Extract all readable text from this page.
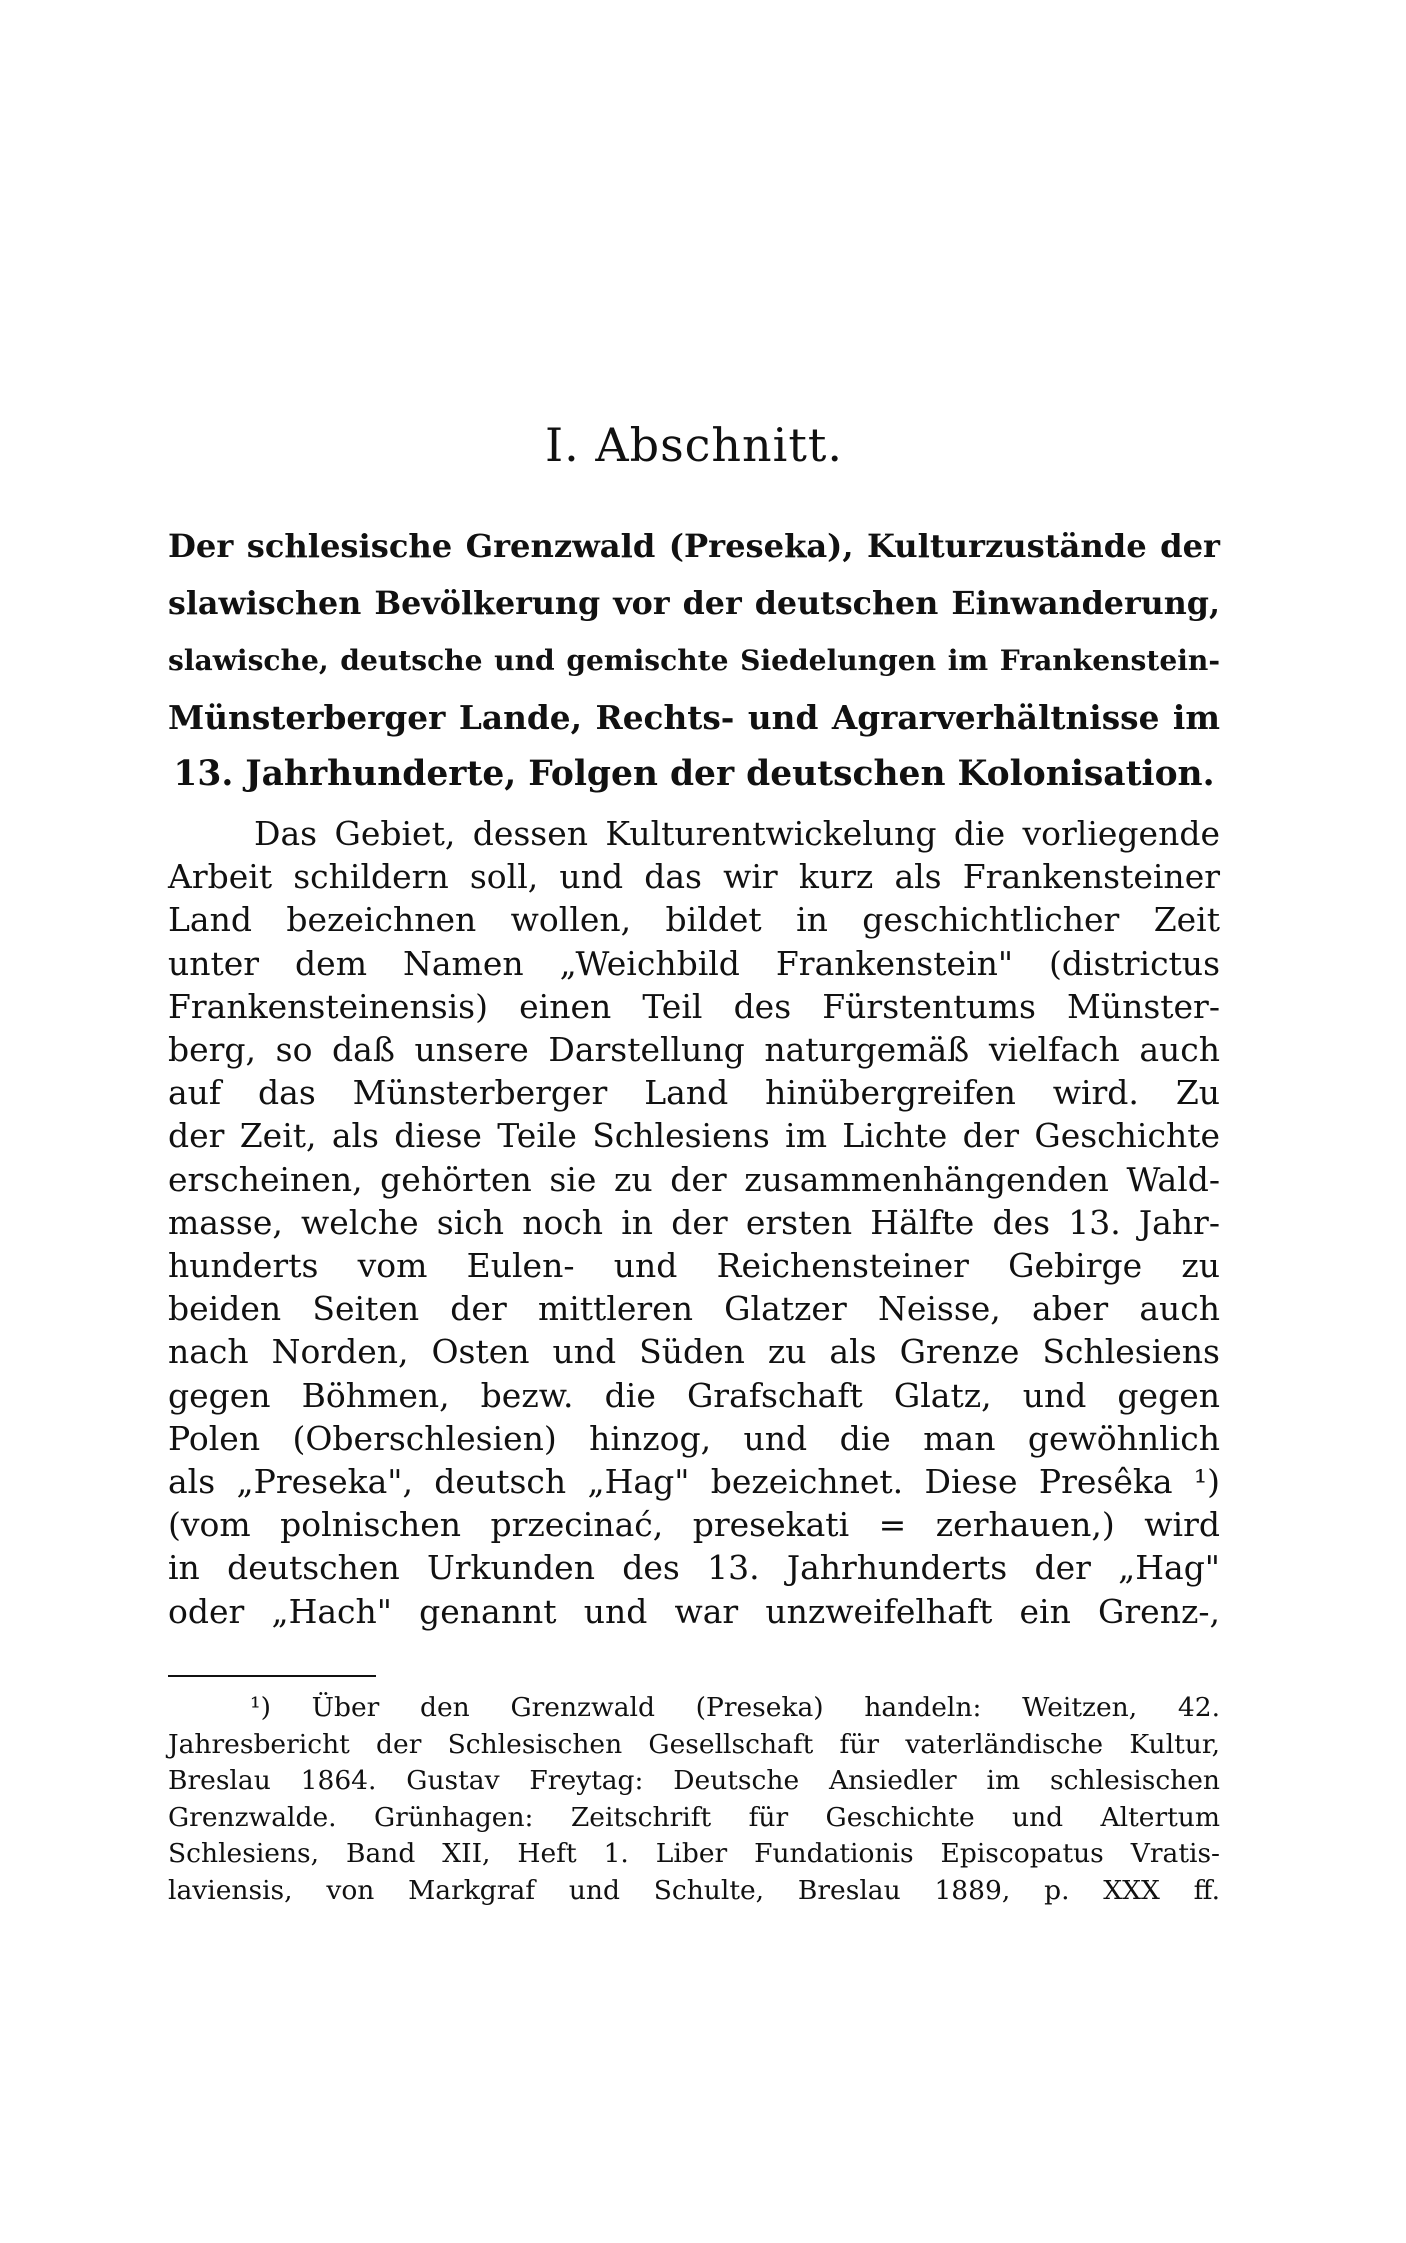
I. Abschnitt.
Der schlesische Grenzwald (Preseka), Kulturzustände der
slawischen Bevölkerung vor der deutschen Einwanderung,
slawische, deutsche und gemischte Siedelungen im Frankenstein-
Münsterberger Lande, Rechts- und Agrarverhältnisse im
13. Jahrhunderte, Folgen der deutschen Kolonisation.
Das Gebiet, dessen Kulturentwickelung die vorliegende
Arbeit schildern soll, und das wir kurz als Frankensteiner
Land bezeichnen wollen, bildet in geschichtlicher Zeit
unter dem Namen „Weichbild Frankenstein" (districtus
Frankensteinensis) einen Teil des Fürstentums Münster-
berg, so daß unsere Darstellung naturgemäß vielfach auch
auf das Münsterberger Land hinübergreifen wird. Zu
der Zeit, als diese Teile Schlesiens im Lichte der Geschichte
erscheinen, gehörten sie zu der zusammenhängenden Wald-
masse, welche sich noch in der ersten Hälfte des 13. Jahr-
hunderts vom Eulen- und Reichensteiner Gebirge zu
beiden Seiten der mittleren Glatzer Neisse, aber auch
nach Norden, Osten und Süden zu als Grenze Schlesiens
gegen Böhmen, bezw. die Grafschaft Glatz, und gegen
Polen (Oberschlesien) hinzog, und die man gewöhnlich
als „Preseka", deutsch „Hag" bezeichnet. Diese Presêka ¹)
(vom polnischen przecinać, presekati = zerhauen,) wird
in deutschen Urkunden des 13. Jahrhunderts der „Hag"
oder „Hach" genannt und war unzweifelhaft ein Grenz-,
¹) Über den Grenzwald (Preseka) handeln: Weitzen, 42.
Jahresbericht der Schlesischen Gesellschaft für vaterländische Kultur,
Breslau 1864. Gustav Freytag: Deutsche Ansiedler im schlesischen
Grenzwalde. Grünhagen: Zeitschrift für Geschichte und Altertum
Schlesiens, Band XII, Heft 1. Liber Fundationis Episcopatus Vratis-
laviensis, von Markgraf und Schulte, Breslau 1889, p. XXX ff.
